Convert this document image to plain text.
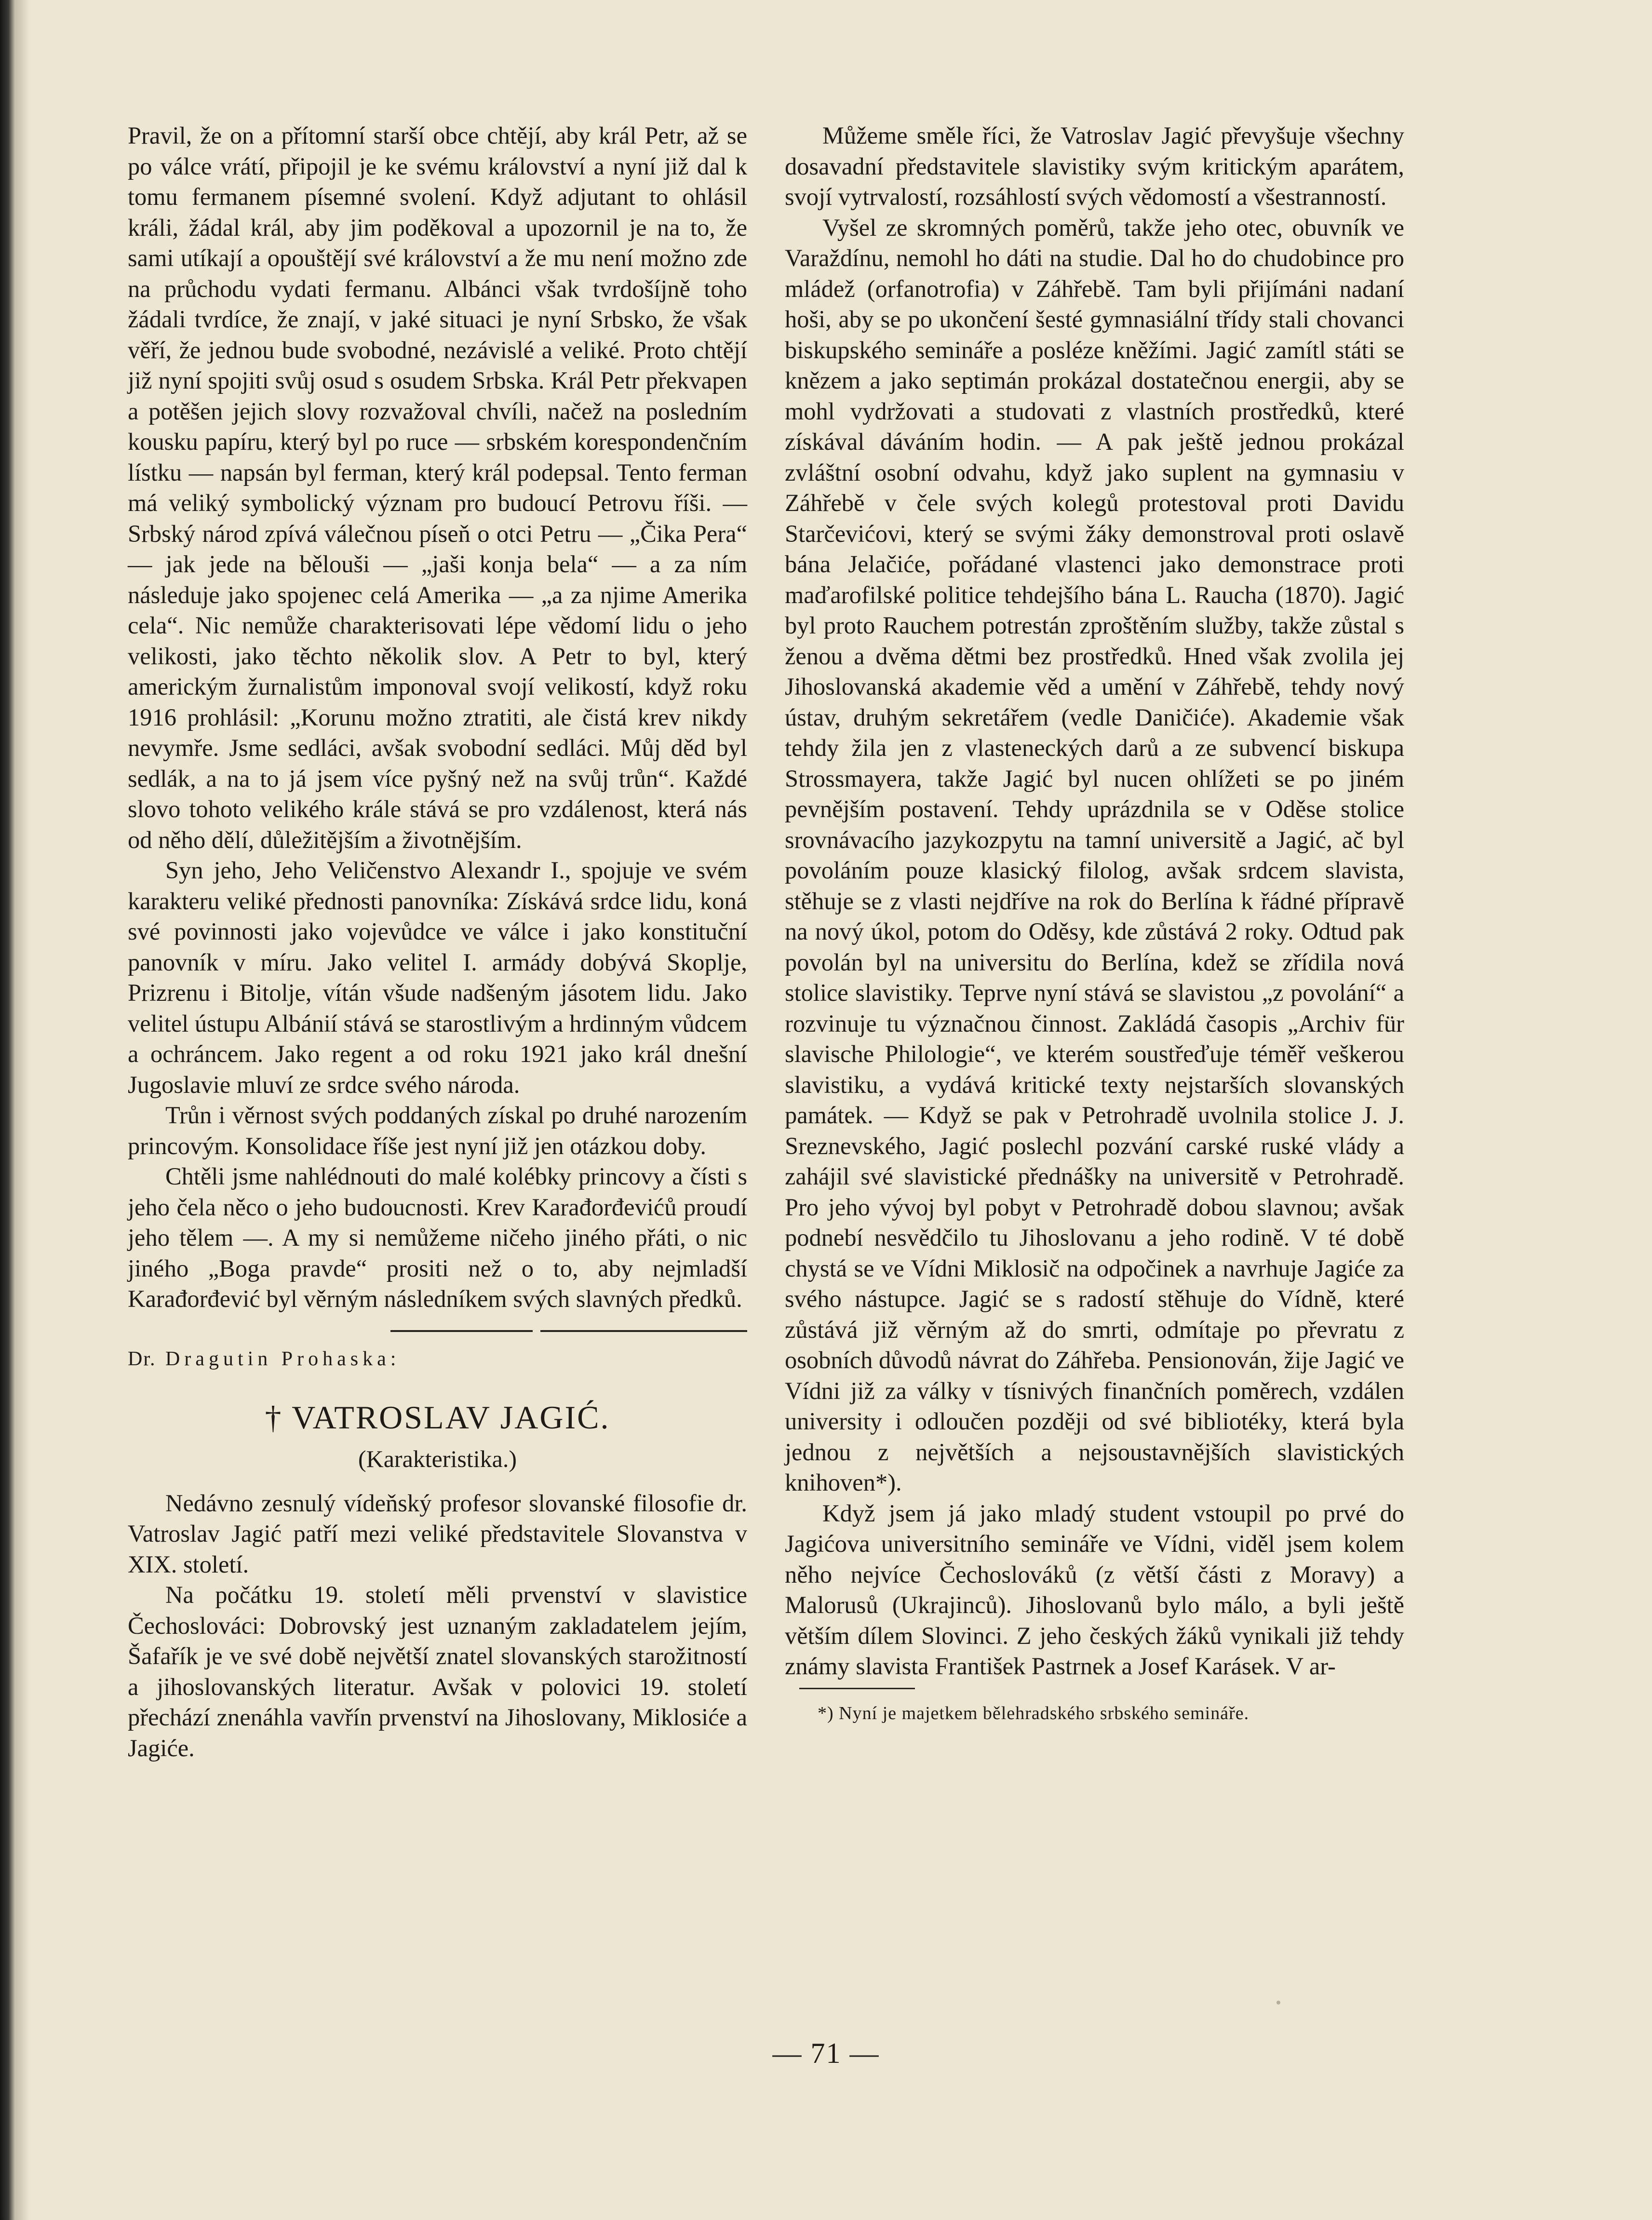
Pravil, že on a přítomní starší obce chtějí, aby král Petr, až se po válce vrátí, připojil je ke svému království a nyní již dal k tomu fermanem písemné svolení. Když adjutant to ohlásil králi, žádal král, aby jim poděkoval a upozornil je na to, že sami utíkají a opouštějí své království a že mu není možno zde na průchodu vydati fermanu. Albánci však tvrdošíjně toho žádali tvrdíce, že znají, v jaké situaci je nyní Srbsko, že však věří, že jednou bude svobodné, nezávislé a veliké. Proto chtějí již nyní spojiti svůj osud s osudem Srbska. Král Petr překvapen a potěšen jejich slovy rozvažoval chvíli, načež na posledním kousku papíru, který byl po ruce — srbském korespondenčním lístku — napsán byl ferman, který král podepsal. Tento ferman má veliký symbolický význam pro budoucí Petrovu říši. — Srbský národ zpívá válečnou píseň o otci Petru — „Čika Pera“ — jak jede na bělouši — „jaši konja bela“ — a za ním následuje jako spojenec celá Amerika — „a za njime Amerika cela“. Nic nemůže charakterisovati lépe vědomí lidu o jeho velikosti, jako těchto několik slov. A Petr to byl, který americkým žurnalistům imponoval svojí velikostí, když roku 1916 prohlásil: „Korunu možno ztratiti, ale čistá krev nikdy nevymře. Jsme sedláci, avšak svobodní sedláci. Můj děd byl sedlák, a na to já jsem více pyšný než na svůj trůn“. Každé slovo tohoto velikého krále stává se pro vzdálenost, která nás od něho dělí, důležitějším a životnějším.

Syn jeho, Jeho Veličenstvo Alexandr I., spojuje ve svém karakteru veliké přednosti panovníka: Získává srdce lidu, koná své povinnosti jako vojevůdce ve válce i jako konstituční panovník v míru. Jako velitel I. armády dobývá Skoplje, Prizrenu i Bitolje, vítán všude nadšeným jásotem lidu. Jako velitel ústupu Albánií stává se starostlivým a hrdinným vůdcem a ochráncem. Jako regent a od roku 1921 jako král dnešní Jugoslavie mluví ze srdce svého národa.

Trůn i věrnost svých poddaných získal po druhé narozením princovým. Konsolidace říše jest nyní již jen otázkou doby.

Chtěli jsme nahlédnouti do malé kolébky princovy a čísti s jeho čela něco o jeho budoucnosti. Krev Karađorđevićů proudí jeho tělem —. A my si nemůžeme ničeho jiného přáti, o nic jiného „Boga pravde“ prositi než o to, aby nejmladší Karađorđević byl věrným následníkem svých slavných předků.

Dr. Dragutin Prohaska:
† VATROSLAV JAGIĆ.
(Karakteristika.)

Nedávno zesnulý vídeňský profesor slovanské filosofie dr. Vatroslav Jagić patří mezi veliké představitele Slovanstva v XIX. století.

Na počátku 19. století měli prvenství v slavistice Čechoslováci: Dobrovský jest uznaným zakladatelem jejím, Šafařík je ve své době největší znatel slovanských starožitností a jihoslovanských literatur. Avšak v polovici 19. století přechází znenáhla vavřín prvenství na Jihoslovany, Miklosiće a Jagiće.

Můžeme směle říci, že Vatroslav Jagić převyšuje všechny dosavadní představitele slavistiky svým kritickým aparátem, svojí vytrvalostí, rozsáhlostí svých vědomostí a všestranností.

Vyšel ze skromných poměrů, takže jeho otec, obuvník ve Varaždínu, nemohl ho dáti na studie. Dal ho do chudobince pro mládež (orfanotrofia) v Záhřebě. Tam byli přijímáni nadaní hoši, aby se po ukončení šesté gymnasiální třídy stali chovanci biskupského semináře a posléze kněžími. Jagić zamítl státi se knězem a jako septimán prokázal dostatečnou energii, aby se mohl vydržovati a studovati z vlastních prostředků, které získával dáváním hodin. — A pak ještě jednou prokázal zvláštní osobní odvahu, když jako suplent na gymnasiu v Záhřebě v čele svých kolegů protestoval proti Davidu Starčevićovi, který se svými žáky demonstroval proti oslavě bána Jelačiće, pořádané vlastenci jako demonstrace proti maďarofilské politice tehdejšího bána L. Raucha (1870). Jagić byl proto Rauchem potrestán zproštěním služby, takže zůstal s ženou a dvěma dětmi bez prostředků. Hned však zvolila jej Jihoslovanská akademie věd a umění v Záhřebě, tehdy nový ústav, druhým sekretářem (vedle Daničiće). Akademie však tehdy žila jen z vlasteneckých darů a ze subvencí biskupa Strossmayera, takže Jagić byl nucen ohlížeti se po jiném pevnějším postavení. Tehdy uprázdnila se v Oděse stolice srovnávacího jazykozpytu na tamní universitě a Jagić, ač byl povoláním pouze klasický filolog, avšak srdcem slavista, stěhuje se z vlasti nejdříve na rok do Berlína k řádné přípravě na nový úkol, potom do Oděsy, kde zůstává 2 roky. Odtud pak povolán byl na universitu do Berlína, kdež se zřídila nová stolice slavistiky. Teprve nyní stává se slavistou „z povolání“ a rozvinuje tu význačnou činnost. Zakládá časopis „Archiv für slavische Philologie“, ve kterém soustřeďuje téměř veškerou slavistiku, a vydává kritické texty nejstarších slovanských památek. — Když se pak v Petrohradě uvolnila stolice J. J. Sreznevského, Jagić poslechl pozvání carské ruské vlády a zahájil své slavistické přednášky na universitě v Petrohradě. Pro jeho vývoj byl pobyt v Petrohradě dobou slavnou; avšak podnebí nesvědčilo tu Jihoslovanu a jeho rodině. V té době chystá se ve Vídni Miklosič na odpočinek a navrhuje Jagiće za svého nástupce. Jagić se s radostí stěhuje do Vídně, které zůstává již věrným až do smrti, odmítaje po převratu z osobních důvodů návrat do Záhřeba. Pensionován, žije Jagić ve Vídni již za války v tísnivých finančních poměrech, vzdálen university i odloučen později od své bibliotéky, která byla jednou z největších a nejsoustavnějších slavistických knihoven*).

Když jsem já jako mladý student vstoupil po prvé do Jagićova universitního semináře ve Vídni, viděl jsem kolem něho nejvíce Čechoslováků (z větší části z Moravy) a Malorusů (Ukrajinců). Jihoslovanů bylo málo, a byli ještě větším dílem Slovinci. Z jeho českých žáků vynikali již tehdy známy slavista František Pastrnek a Josef Karásek. V ar-

*) Nyní je majetkem bělehradského srbského semináře.

— 71 —
